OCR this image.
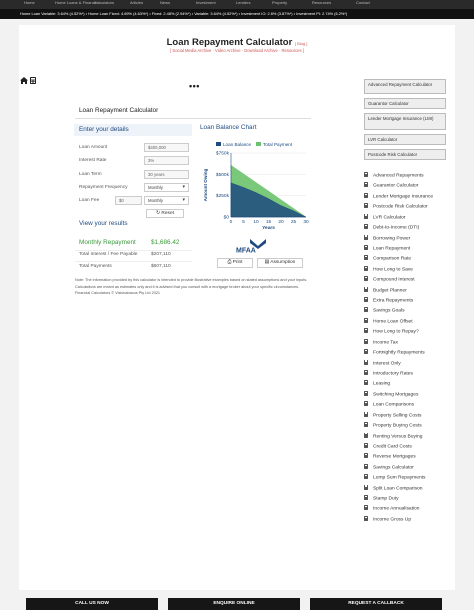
Home	Home Loans & Finance
Calculators	Articles	News	Investment	Lenders	Property	Resources	Contact
Home Loan Variable: 3.64% (4.52%*) • Home Loan Fixed: 4.69% (4.63%*) • Fixed: 2.48% (2.94%*) • Variable: 3.64% (4.52%*) • Investment IO: 2.6% (3.87%*) • Investment PI: 2.74% (6.2%*)
Loan Repayment Calculator [ Blog ]
[ Social Media Archive · Video Archive · Download Archive · Resources ]

•••
Loan Repayment Calculator
Enter your details	Loan Balance Chart
Loan Amount	$400,000
Interest Rate	3%
Loan Term	30 years
Repayment Frequency	Monthly ▾
Loan Fee	$0	Monthly ▾
↻ Reset
View your results
Monthly Repayment $1,686.42
Total Interest / Fee Payable	$207,110
Total Payments	$607,110
Note: The information provided by this calculator is intended to provide illustrative examples based on stated assumptions and your inputs. Calculations are meant as estimates only and it is advised that you consult with a mortgage broker about your specific circumstances. Financial Calculators © Visionabacus Pty Ltd 2021
$0
$250k
$500k
$750k
0 5 10 15 20 25 30
Years
Amount Owing
Loan Balance	Total Payment
MFAA
⎙ Print	▤ Assumption
Advanced Repayment Calculator
Guarantor Calculator
Lender Mortgage Insurance (LMI)
LVR Calculator
Postcode Risk Calculator
Advanced Repayments
Guarantor Calculator
Lender Mortgage Insurance
Postcode Risk Calculator
LVR Calculator
Debt-to-Income (DTI)
Borrowing Power
Loan Repayment
Comparison Rate
How Long to Save
Compound Interest
Budget Planner
Extra Repayments
Savings Goals
Home Loan Offset
How Long to Repay?
Income Tax
Fortnightly Repayments
Interest Only
Introductory Rates
Leasing
Switching Mortgages
Loan Comparisons
Property Selling Costs
Property Buying Costs
Renting Versus Buying
Credit Card Costs
Reverse Mortgages
Savings Calculator
Lump Sum Repayments
Split Loan Comparison
Stamp Duty
Income Annualisation
Income Gross Up
CALL US NOW	ENQUIRE ONLINE	REQUEST A CALLBACK
